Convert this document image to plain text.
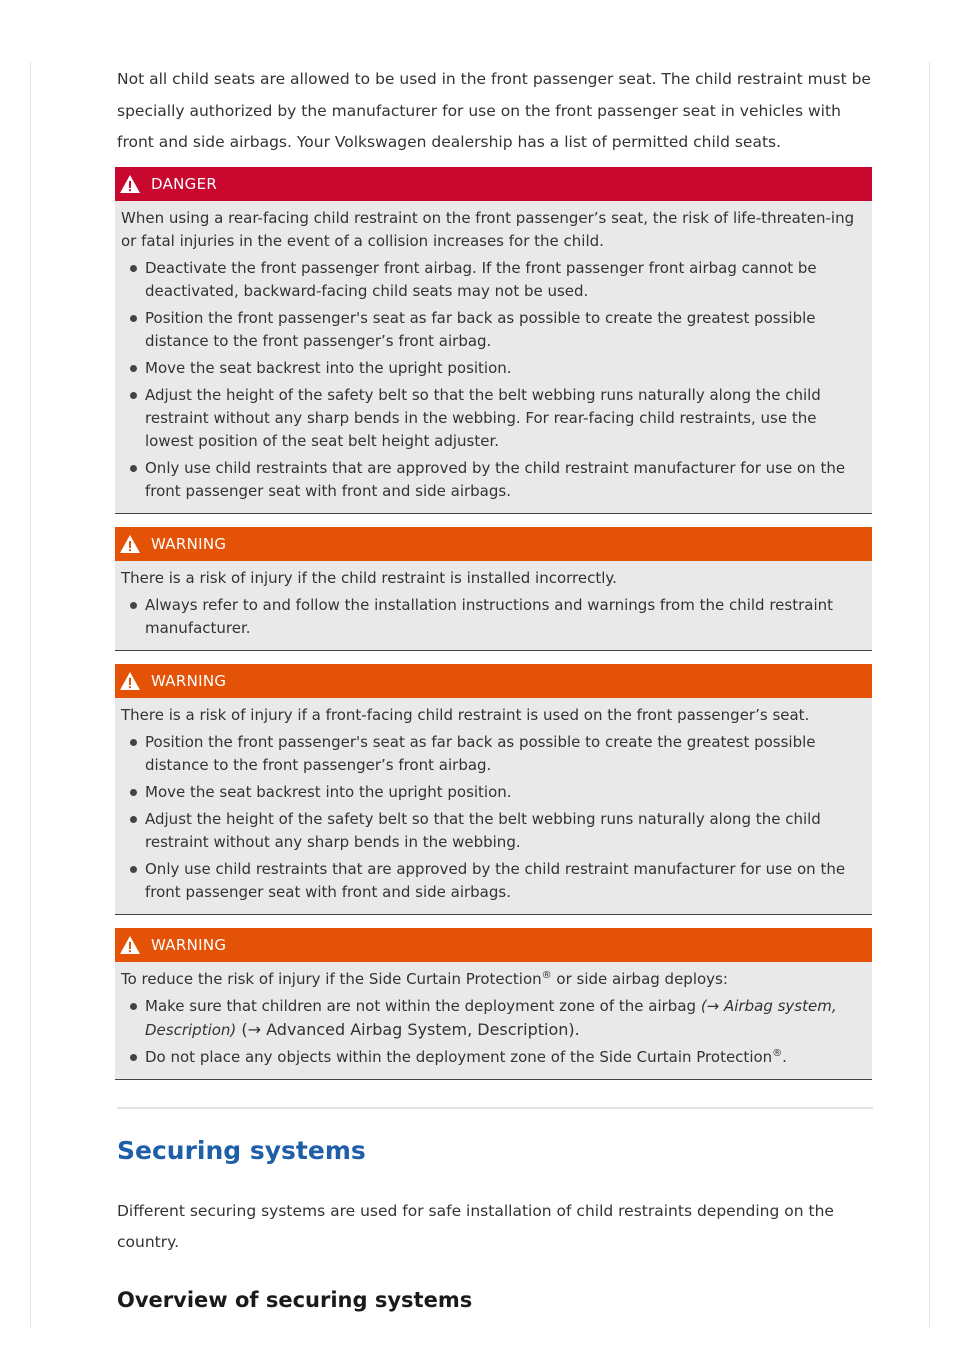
Not all child seats are allowed to be used in the front passenger seat. The child restraint must be specially authorized by the manufacturer for use on the front passenger seat in vehicles with front and side airbags. Your Volkswagen dealership has a list of permitted child seats.

DANGER

When using a rear-facing child restraint on the front passenger’s seat, the risk of life-threaten-ing or fatal injuries in the event of a collision increases for the child.

Deactivate the front passenger front airbag. If the front passenger front airbag cannot be deactivated, backward-facing child seats may not be used.
Position the front passenger's seat as far back as possible to create the greatest possible distance to the front passenger’s front airbag.
Move the seat backrest into the upright position.
Adjust the height of the safety belt so that the belt webbing runs naturally along the child restraint without any sharp bends in the webbing. For rear-facing child restraints, use the lowest position of the seat belt height adjuster.
Only use child restraints that are approved by the child restraint manufacturer for use on the front passenger seat with front and side airbags.
WARNING

There is a risk of injury if the child restraint is installed incorrectly.

Always refer to and follow the installation instructions and warnings from the child restraint manufacturer.
WARNING

There is a risk of injury if a front-facing child restraint is used on the front passenger’s seat.

Position the front passenger's seat as far back as possible to create the greatest possible distance to the front passenger’s front airbag.
Move the seat backrest into the upright position.
Adjust the height of the safety belt so that the belt webbing runs naturally along the child restraint without any sharp bends in the webbing.
Only use child restraints that are approved by the child restraint manufacturer for use on the front passenger seat with front and side airbags.
WARNING

To reduce the risk of injury if the Side Curtain Protection® or side airbag deploys:

Make sure that children are not within the deployment zone of the airbag (→ Airbag system, Description) (→ Advanced Airbag System, Description).
Do not place any objects within the deployment zone of the Side Curtain Protection®.
Securing systems

Different securing systems are used for safe installation of child restraints depending on the country.

Overview of securing systems
